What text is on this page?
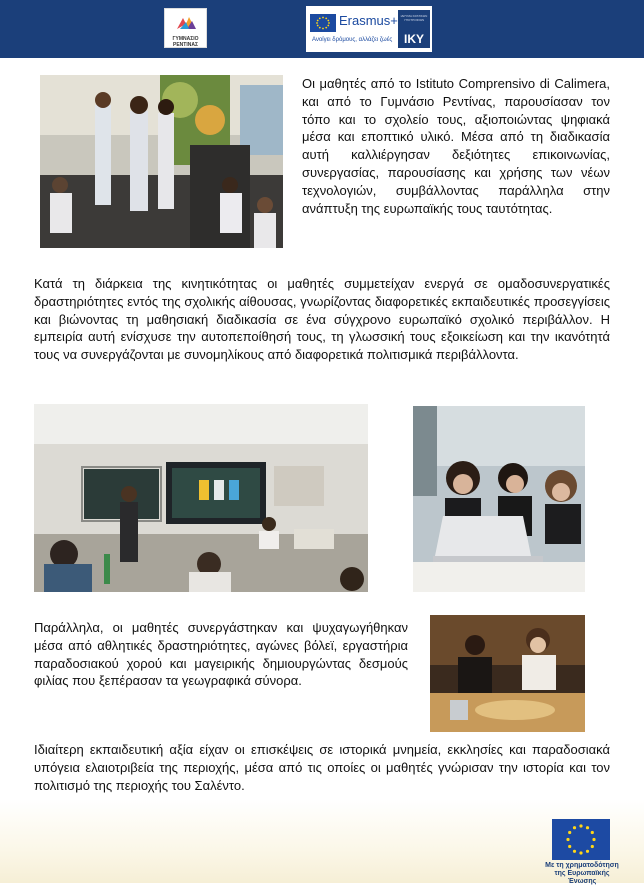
ΓΥΜΝΑΣΙΟ ΡΕΝΤΙΝΑΣ
Erasmus+
Ανοίγει δρόμους, αλλάζει ζωές
ΙΔΡΥΜΑ ΚΡΑΤΙΚΩΝ ΥΠΟΤΡΟΦΙΩΝ
IKY

Οι μαθητές από το Istituto Comprensivo di Calimera, και από το Γυμνάσιο Ρεντίνας, παρουσίασαν τον τόπο και το σχολείο τους, αξιοποιώντας ψηφιακά μέσα και εποπτικό υλικό. Μέσα από τη διαδικασία αυτή καλλιέργησαν δεξιότητες επικοινωνίας, συνεργασίας, παρουσίασης και χρήσης των νέων τεχνολογιών, συμβάλλοντας παράλληλα στην ανάπτυξη της ευρωπαϊκής τους ταυτότητας.

Κατά τη διάρκεια της κινητικότητας οι μαθητές συμμετείχαν ενεργά σε ομαδοσυνεργατικές δραστηριότητες εντός της σχολικής αίθουσας, γνωρίζοντας διαφορετικές εκπαιδευτικές προσεγγίσεις και βιώνοντας τη μαθησιακή διαδικασία σε ένα σύγχρονο ευρωπαϊκό σχολικό περιβάλλον. Η εμπειρία αυτή ενίσχυσε την αυτοπεποίθησή τους, τη γλωσσική τους εξοικείωση και την ικανότητά τους να συνεργάζονται με συνομηλίκους από διαφορετικά πολιτισμικά περιβάλλοντα.

Παράλληλα, οι μαθητές συνεργάστηκαν και ψυχαγωγήθηκαν μέσα από αθλητικές δραστηριότητες, αγώνες βόλεϊ, εργαστήρια παραδοσιακού χορού και μαγειρικής δημιουργώντας δεσμούς φιλίας που ξεπέρασαν τα γεωγραφικά σύνορα.

Ιδιαίτερη εκπαιδευτική αξία είχαν οι επισκέψεις σε ιστορικά μνημεία, εκκλησίες και παραδοσιακά υπόγεια ελαιοτριβεία της περιοχής, μέσα από τις οποίες οι μαθητές γνώρισαν την ιστορία και τον πολιτισμό της περιοχής του Σαλέντο.

Με τη χρηματοδότηση της Ευρωπαϊκής Ένωσης
